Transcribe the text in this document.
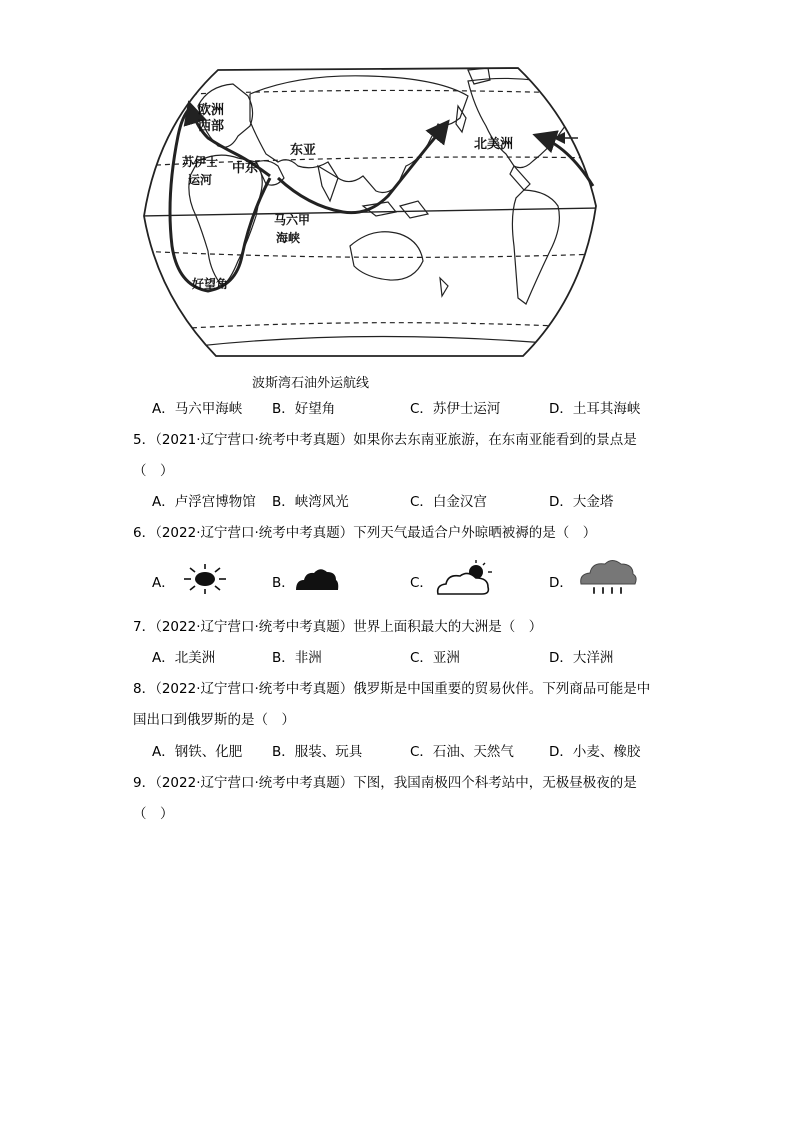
欧洲
西部
苏伊士
运河
中东
东亚	北美洲
马六甲
海峡
好望角
波斯湾石油外运航线
A．马六甲海峡 B．好望角	C．苏伊士运河	D．土耳其海峡
5．（2021·辽宁营口·统考中考真题）如果你去东南亚旅游，在东南亚能看到的景点是
（　）
A．卢浮宫博物馆 B．峡湾风光	C．白金汉宫	D．大金塔
6．（2022·辽宁营口·统考中考真题）下列天气最适合户外晾晒被褥的是（　）
A．	B．	C．	D．
7．（2022·辽宁营口·统考中考真题）世界上面积最大的大洲是（　）
A．北美洲	B．非洲	C．亚洲	D．大洋洲
8．（2022·辽宁营口·统考中考真题）俄罗斯是中国重要的贸易伙伴。下列商品可能是中
国出口到俄罗斯的是（　）
A．钢铁、化肥 B．服装、玩具	C．石油、天然气	D．小麦、橡胶
9．（2022·辽宁营口·统考中考真题）下图，我国南极四个科考站中，无极昼极夜的是
（　）
